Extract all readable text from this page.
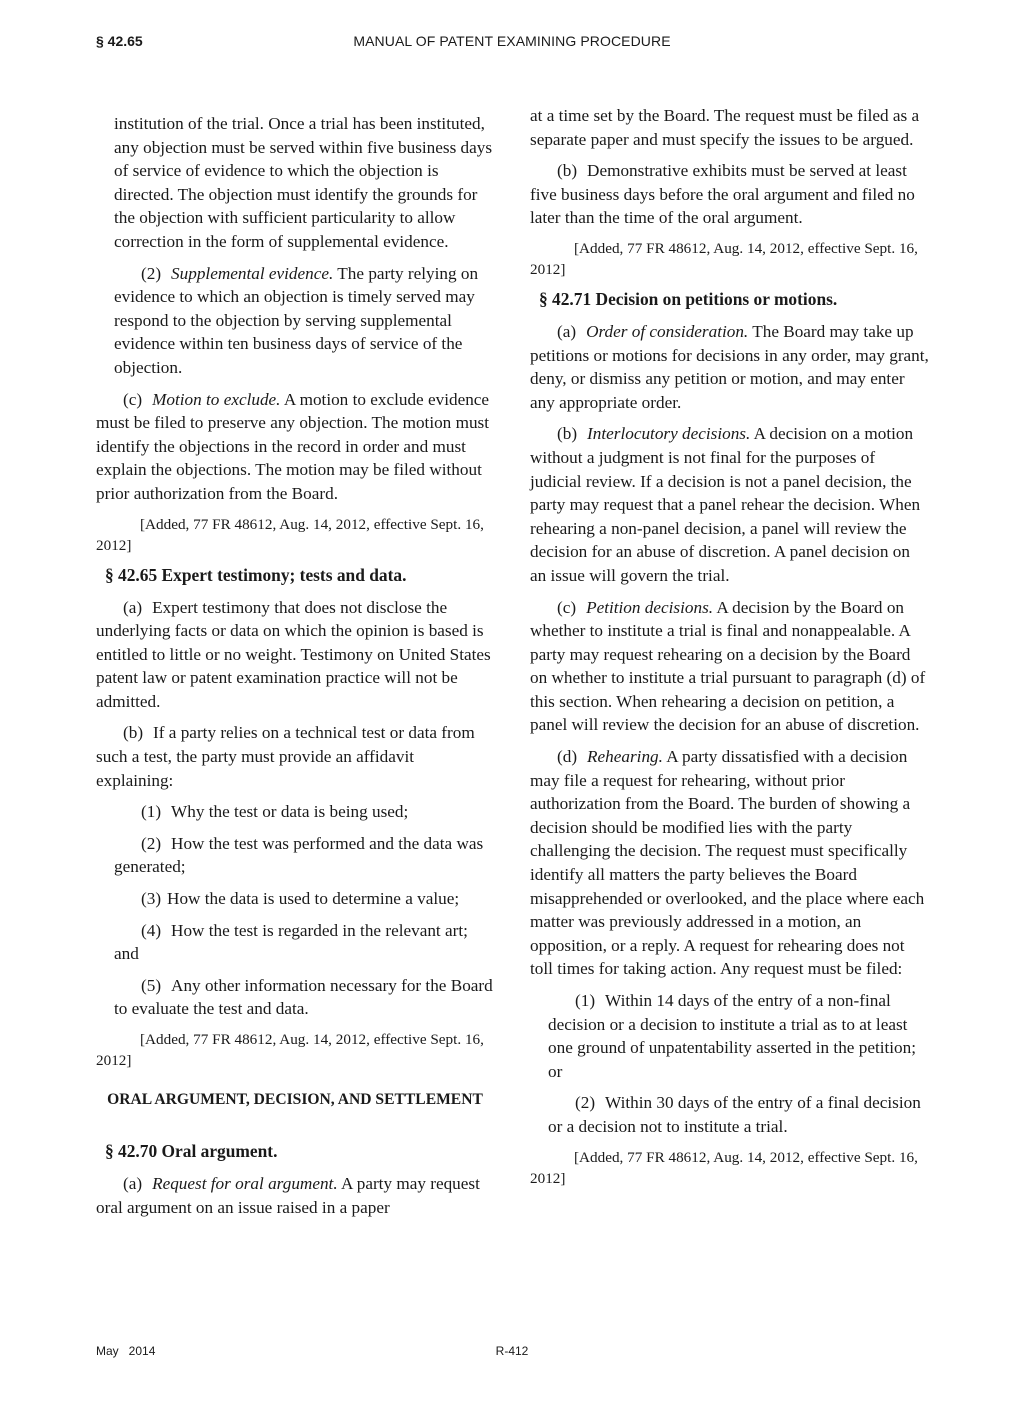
§ 42.65	MANUAL OF PATENT EXAMINING PROCEDURE

institution of the trial. Once a trial has been instituted, any objection must be served within five business days of service of evidence to which the objection is directed. The objection must identify the grounds for the objection with sufficient particularity to allow correction in the form of supplemental evidence.

(2) Supplemental evidence. The party relying on evidence to which an objection is timely served may respond to the objection by serving supplemental evidence within ten business days of service of the objection.

(c) Motion to exclude. A motion to exclude evidence must be filed to preserve any objection. The motion must identify the objections in the record in order and must explain the objections. The motion may be filed without prior authorization from the Board.

[Added, 77 FR 48612, Aug. 14, 2012, effective Sept. 16, 2012]

§ 42.65 Expert testimony; tests and data.

(a) Expert testimony that does not disclose the underlying facts or data on which the opinion is based is entitled to little or no weight. Testimony on United States patent law or patent examination practice will not be admitted.

(b) If a party relies on a technical test or data from such a test, the party must provide an affidavit explaining:

(1) Why the test or data is being used;

(2) How the test was performed and the data was generated;

(3) How the data is used to determine a value;

(4) How the test is regarded in the relevant art; and

(5) Any other information necessary for the Board to evaluate the test and data.

[Added, 77 FR 48612, Aug. 14, 2012, effective Sept. 16, 2012]

ORAL ARGUMENT, DECISION, AND SETTLEMENT
§ 42.70 Oral argument.

(a) Request for oral argument. A party may request oral argument on an issue raised in a paper

at a time set by the Board. The request must be filed as a separate paper and must specify the issues to be argued.

(b) Demonstrative exhibits must be served at least five business days before the oral argument and filed no later than the time of the oral argument.

[Added, 77 FR 48612, Aug. 14, 2012, effective Sept. 16, 2012]

§ 42.71 Decision on petitions or motions.

(a) Order of consideration. The Board may take up petitions or motions for decisions in any order, may grant, deny, or dismiss any petition or motion, and may enter any appropriate order.

(b) Interlocutory decisions. A decision on a motion without a judgment is not final for the purposes of judicial review. If a decision is not a panel decision, the party may request that a panel rehear the decision. When rehearing a non-panel decision, a panel will review the decision for an abuse of discretion. A panel decision on an issue will govern the trial.

(c) Petition decisions. A decision by the Board on whether to institute a trial is final and nonappealable. A party may request rehearing on a decision by the Board on whether to institute a trial pursuant to paragraph (d) of this section. When rehearing a decision on petition, a panel will review the decision for an abuse of discretion.

(d) Rehearing. A party dissatisfied with a decision may file a request for rehearing, without prior authorization from the Board. The burden of showing a decision should be modified lies with the party challenging the decision. The request must specifically identify all matters the party believes the Board misapprehended or overlooked, and the place where each matter was previously addressed in a motion, an opposition, or a reply. A request for rehearing does not toll times for taking action. Any request must be filed:

(1) Within 14 days of the entry of a non-final decision or a decision to institute a trial as to at least one ground of unpatentability asserted in the petition; or

(2) Within 30 days of the entry of a final decision or a decision not to institute a trial.

[Added, 77 FR 48612, Aug. 14, 2012, effective Sept. 16, 2012]

May   2014	R-412
